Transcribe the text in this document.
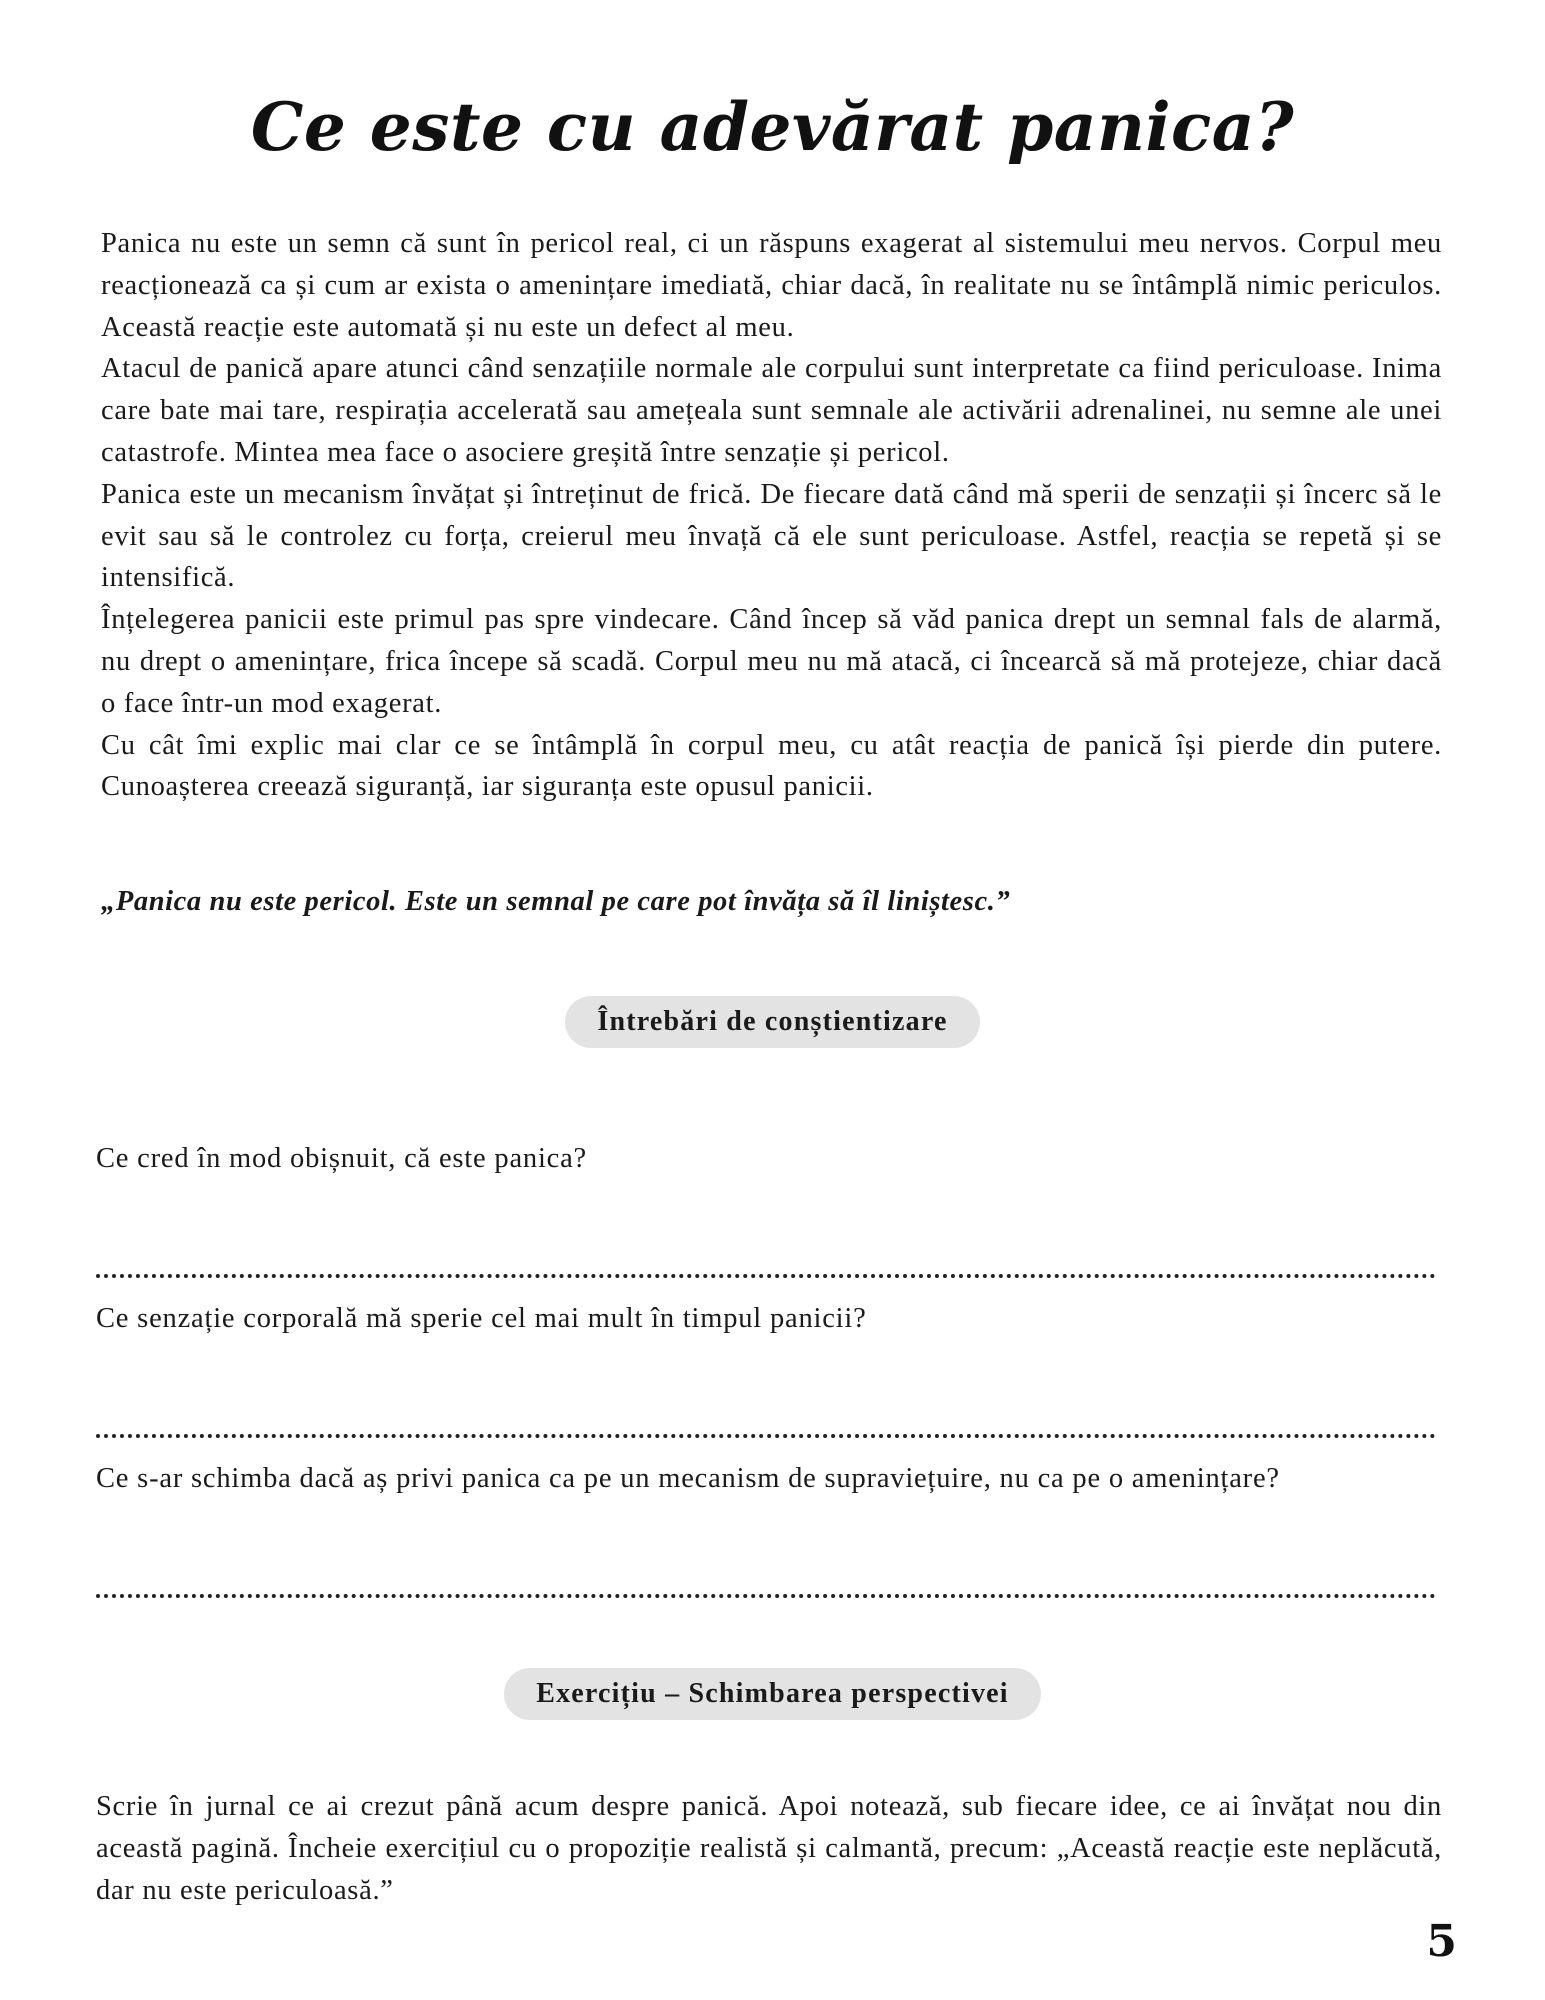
Ce este cu adevărat panica?

Panica nu este un semn că sunt în pericol real, ci un răspuns exagerat al sistemului meu nervos. Corpul meu reacționează ca și cum ar exista o amenințare imediată, chiar dacă, în realitate nu se întâmplă nimic periculos. Această reacție este automată și nu este un defect al meu.

Atacul de panică apare atunci când senzațiile normale ale corpului sunt interpretate ca fiind periculoase. Inima care bate mai tare, respirația accelerată sau amețeala sunt semnale ale activării adrenalinei, nu semne ale unei catastrofe. Mintea mea face o asociere greșită între senzație și pericol.

Panica este un mecanism învățat și întreținut de frică. De fiecare dată când mă sperii de senzații și încerc să le evit sau să le controlez cu forța, creierul meu învață că ele sunt periculoase. Astfel, reacția se repetă și se intensifică.

Înțelegerea panicii este primul pas spre vindecare. Când încep să văd panica drept un semnal fals de alarmă, nu drept o amenințare, frica începe să scadă. Corpul meu nu mă atacă, ci încearcă să mă protejeze, chiar dacă o face într-un mod exagerat.

Cu cât îmi explic mai clar ce se întâmplă în corpul meu, cu atât reacția de panică își pierde din putere. Cunoașterea creează siguranță, iar siguranța este opusul panicii.

„Panica nu este pericol. Este un semnal pe care pot învăța să îl liniștesc.”
Întrebări de conștientizare
Ce cred în mod obișnuit, că este panica?
Ce senzație corporală mă sperie cel mai mult în timpul panicii?
Ce s-ar schimba dacă aș privi panica ca pe un mecanism de supraviețuire, nu ca pe o amenințare?
Exercițiu – Schimbarea perspectivei
Scrie în jurnal ce ai crezut până acum despre panică. Apoi notează, sub fiecare idee, ce ai învățat nou din această pagină. Încheie exercițiul cu o propoziție realistă și calmantă, precum: „Această reacție este neplăcută, dar nu este periculoasă.”
5
